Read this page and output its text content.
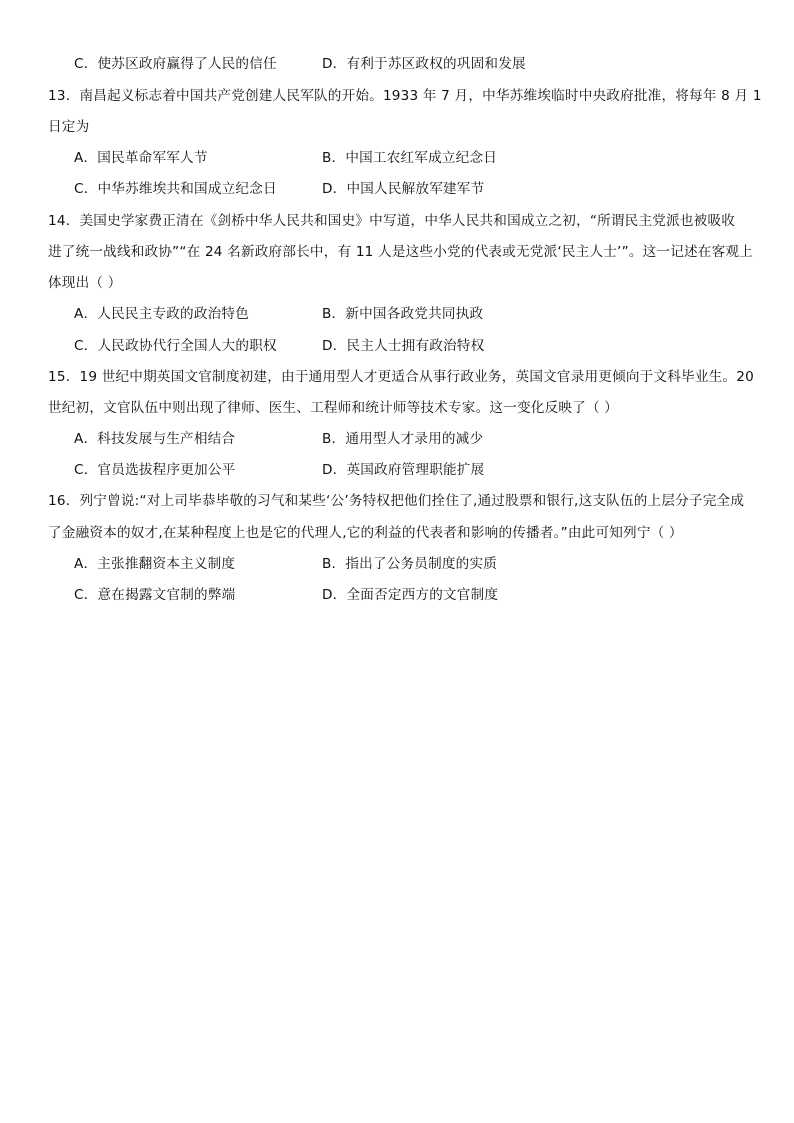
C．使苏区政府赢得了人民的信任	D．有利于苏区政权的巩固和发展
13．南昌起义标志着中国共产党创建人民军队的开始。1933 年 7 月，中华苏维埃临时中央政府批准，将每年 8 月 1
日定为
A．国民革命军军人节	B．中国工农红军成立纪念日
C．中华苏维埃共和国成立纪念日	D．中国人民解放军建军节
14．美国史学家费正清在《剑桥中华人民共和国史》中写道，中华人民共和国成立之初，“所谓民主党派也被吸收
进了统一战线和政协”“在 24 名新政府部长中，有 11 人是这些小党的代表或无党派‘民主人士’”。这一记述在客观上
体现出（ ）
A．人民民主专政的政治特色	B．新中国各政党共同执政
C．人民政协代行全国人大的职权	D．民主人士拥有政治特权
15．19 世纪中期英国文官制度初建，由于通用型人才更适合从事行政业务，英国文官录用更倾向于文科毕业生。20
世纪初，文官队伍中则出现了律师、医生、工程师和统计师等技术专家。这一变化反映了（ ）
A．科技发展与生产相结合	B．通用型人才录用的减少
C．官员选拔程序更加公平	D．英国政府管理职能扩展
16．列宁曾说:“对上司毕恭毕敬的习气和某些‘公’务特权把他们拴住了,通过股票和银行,这支队伍的上层分子完全成
了金融资本的奴才,在某种程度上也是它的代理人,它的利益的代表者和影响的传播者。”由此可知列宁（ ）
A．主张推翻资本主义制度	B．指出了公务员制度的实质
C．意在揭露文官制的弊端	D．全面否定西方的文官制度
